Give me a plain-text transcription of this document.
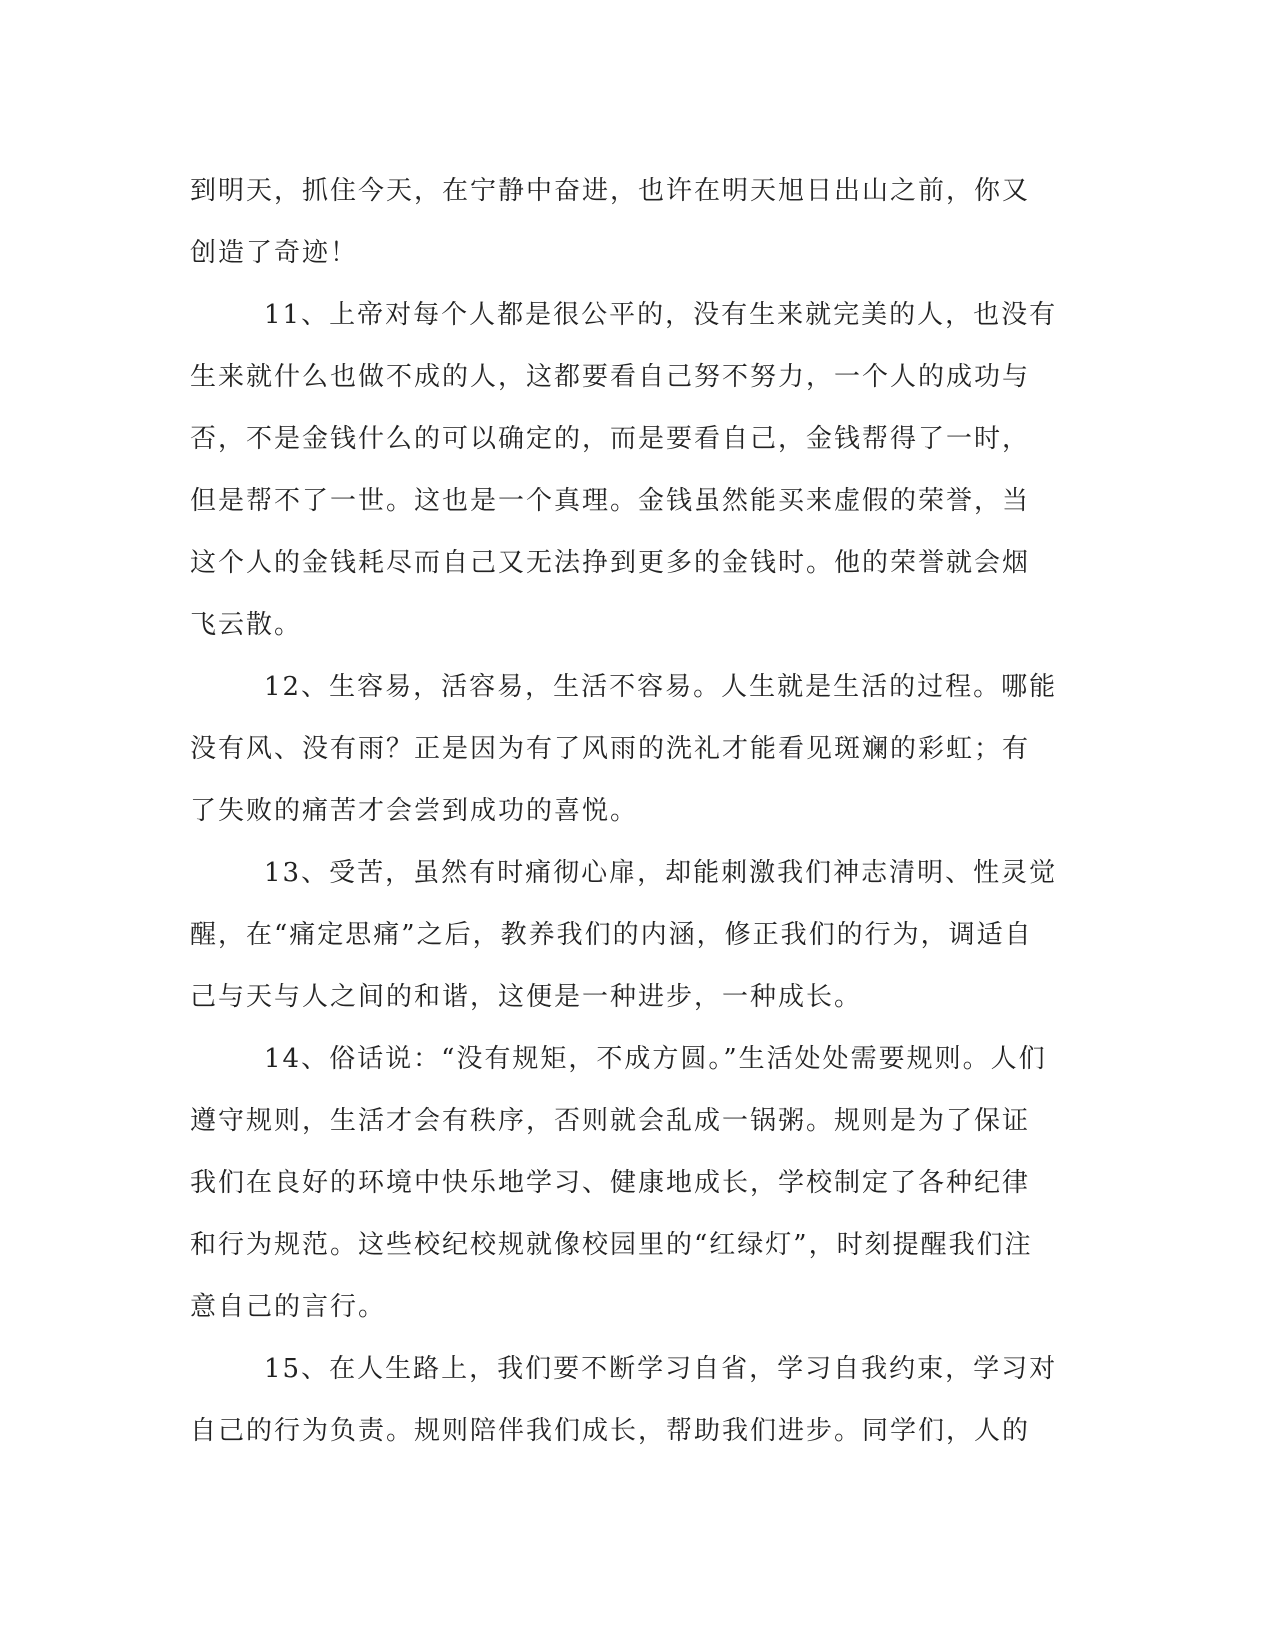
到明天，抓住今天，在宁静中奋进，也许在明天旭日出山之前，你又
创造了奇迹！
11、上帝对每个人都是很公平的，没有生来就完美的人，也没有
生来就什么也做不成的人，这都要看自己努不努力，一个人的成功与
否，不是金钱什么的可以确定的，而是要看自己，金钱帮得了一时，
但是帮不了一世。这也是一个真理。金钱虽然能买来虚假的荣誉，当
这个人的金钱耗尽而自己又无法挣到更多的金钱时。他的荣誉就会烟
飞云散。
12、生容易，活容易，生活不容易。人生就是生活的过程。哪能
没有风、没有雨？正是因为有了风雨的洗礼才能看见斑斓的彩虹；有
了失败的痛苦才会尝到成功的喜悦。
13、受苦，虽然有时痛彻心扉，却能刺激我们神志清明、性灵觉
醒，在“痛定思痛”之后，教养我们的内涵，修正我们的行为，调适自
己与天与人之间的和谐，这便是一种进步，一种成长。
14、俗话说：“没有规矩，不成方圆。”生活处处需要规则。人们
遵守规则，生活才会有秩序，否则就会乱成一锅粥。规则是为了保证
我们在良好的环境中快乐地学习、健康地成长，学校制定了各种纪律
和行为规范。这些校纪校规就像校园里的“红绿灯”，时刻提醒我们注
意自己的言行。
15、在人生路上，我们要不断学习自省，学习自我约束，学习对
自己的行为负责。规则陪伴我们成长，帮助我们进步。同学们，人的
